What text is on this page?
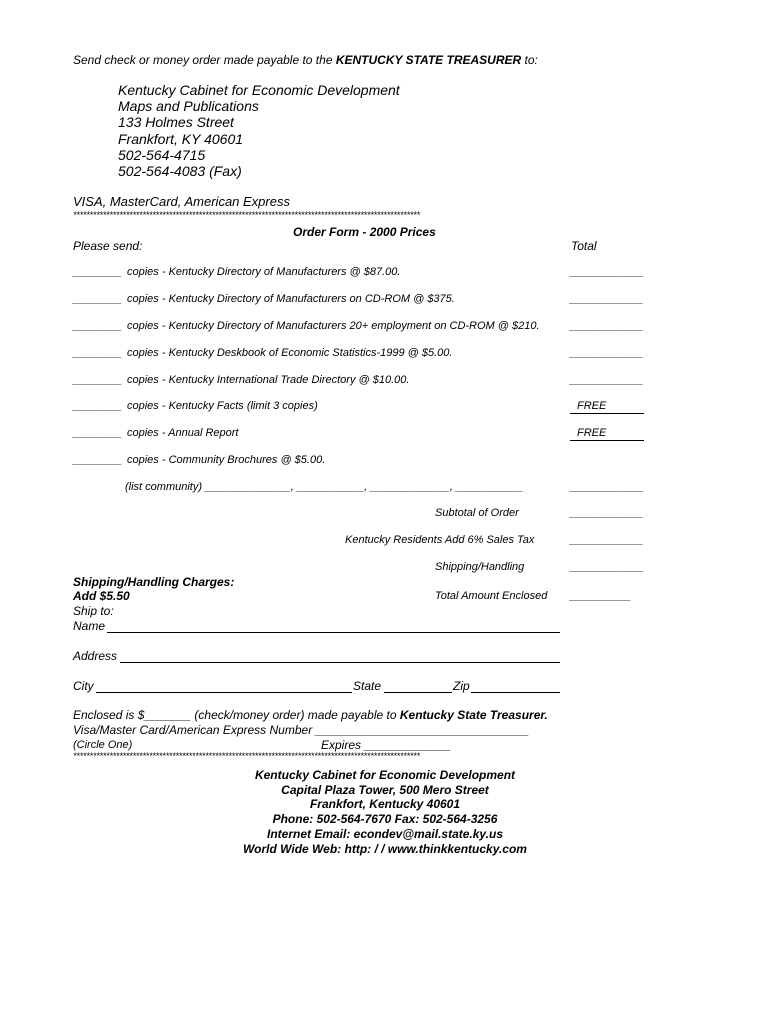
Send check or money order made payable to the KENTUCKY STATE TREASURER to:
Kentucky Cabinet for Economic Development
Maps and Publications
133 Holmes Street
Frankfort, KY 40601
502-564-4715
502-564-4083 (Fax)
VISA, MasterCard, American Express
*********************************************************************************************************
Order Form - 2000 Prices
Please send:	Total
________ copies - Kentucky Directory of Manufacturers @ $87.00.	____________
________ copies - Kentucky Directory of Manufacturers on CD-ROM @ $375.	____________
________ copies - Kentucky Directory of Manufacturers 20+ employment on CD-ROM @ $210.	____________
________ copies - Kentucky Deskbook of Economic Statistics-1999 @ $5.00.	____________
________ copies - Kentucky International Trade Directory @ $10.00.	____________
________ copies - Kentucky Facts (limit 3 copies)	FREE
________ copies - Annual Report	FREE
________ copies - Community Brochures @ $5.00.
(list community) ______________, ___________, _____________, ___________	____________
Subtotal of Order	____________
Kentucky Residents Add 6% Sales Tax	____________
Shipping/Handling	____________
Shipping/Handling Charges:
Add $5.50	Total Amount Enclosed __________
Ship to:
Name
Address
City	State	Zip
Enclosed is $_______ (check/money order) made payable to Kentucky State Treasurer.
Visa/Master Card/American Express Number ________________________________
(Circle One)	Expires _____________
*********************************************************************************************************
Kentucky Cabinet for Economic Development
Capital Plaza Tower, 500 Mero Street
Frankfort, Kentucky 40601
Phone: 502-564-7670 Fax: 502-564-3256
Internet Email: econdev@mail.state.ky.us
World Wide Web: http: / / www.thinkkentucky.com
